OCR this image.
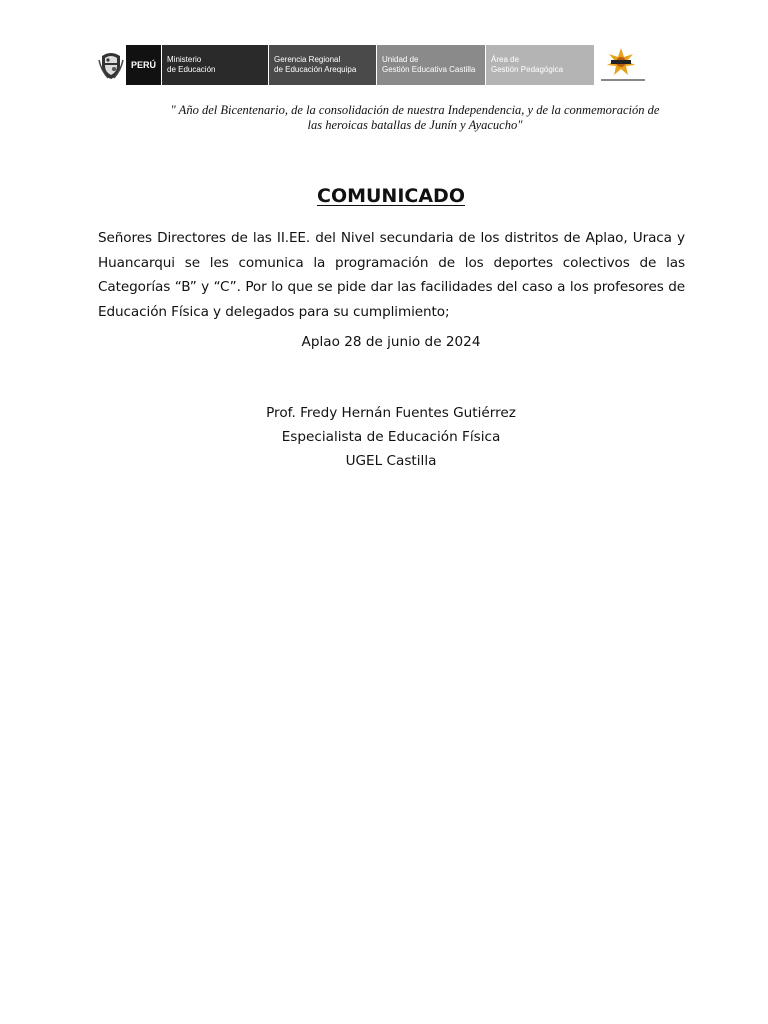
PERÚ
Ministerio
de Educación
Gerencia Regional
de Educación Arequipa
Unidad de
Gestión Educativa Castilla
Área de
Gestión Pedagógica
" Año del Bicentenario, de la consolidación de nuestra Independencia, y de la conmemoración de
las heroicas batallas de Junín y Ayacucho"
COMUNICADO

Señores Directores de las II.EE. del Nivel secundaria de los distritos de Aplao, Uraca y Huancarqui se les comunica la programación de los deportes colectivos de las Categorías “B” y “C”. Por lo que se pide dar las facilidades del caso a los profesores de Educación Física y delegados para su cumplimiento;

Aplao 28 de junio de 2024
Prof. Fredy Hernán Fuentes Gutiérrez
Especialista de Educación Física
UGEL Castilla
